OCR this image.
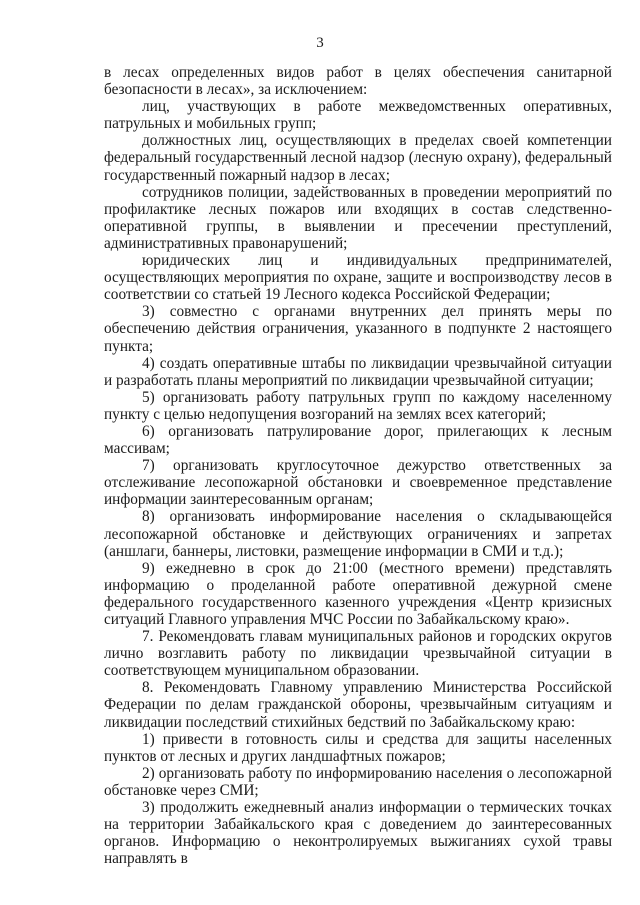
3

в лесах определенных видов работ в целях обеспечения санитарной безопасности в лесах», за исключением:

лиц, участвующих в работе межведомственных оперативных, патрульных и мобильных групп;

должностных лиц, осуществляющих в пределах своей компетенции федеральный государственный лесной надзор (лесную охрану), федеральный государственный пожарный надзор в лесах;

сотрудников полиции, задействованных в проведении мероприятий по профилактике лесных пожаров или входящих в состав следственно-оперативной группы, в выявлении и пресечении преступлений, административных правонарушений;

юридических лиц и индивидуальных предпринимателей, осуществляющих мероприятия по охране, защите и воспроизводству лесов в соответствии со статьей 19 Лесного кодекса Российской Федерации;

3) совместно с органами внутренних дел принять меры по обеспечению действия ограничения, указанного в подпункте 2 настоящего пункта;

4) создать оперативные штабы по ликвидации чрезвычайной ситуации и разработать планы мероприятий по ликвидации чрезвычайной ситуации;

5) организовать работу патрульных групп по каждому населенному пункту с целью недопущения возгораний на землях всех категорий;

6) организовать патрулирование дорог, прилегающих к лесным массивам;

7) организовать круглосуточное дежурство ответственных за отслеживание лесопожарной обстановки и своевременное представление информации заинтересованным органам;

8) организовать информирование населения о складывающейся лесопожарной обстановке и действующих ограничениях и запретах (аншлаги, баннеры, листовки, размещение информации в СМИ и т.д.);

9) ежедневно в срок до 21:00 (местного времени) представлять информацию о проделанной работе оперативной дежурной смене федерального государственного казенного учреждения «Центр кризисных ситуаций Главного управления МЧС России по Забайкальскому краю».

7. Рекомендовать главам муниципальных районов и городских округов лично возглавить работу по ликвидации чрезвычайной ситуации в соответствующем муниципальном образовании.

8. Рекомендовать Главному управлению Министерства Российской Федерации по делам гражданской обороны, чрезвычайным ситуациям и ликвидации последствий стихийных бедствий по Забайкальскому краю:

1) привести в готовность силы и средства для защиты населенных пунктов от лесных и других ландшафтных пожаров;

2) организовать работу по информированию населения о лесопожарной обстановке через СМИ;

3) продолжить ежедневный анализ информации о термических точках на территории Забайкальского края с доведением до заинтересованных органов. Информацию о неконтролируемых выжиганиях сухой травы направлять в
